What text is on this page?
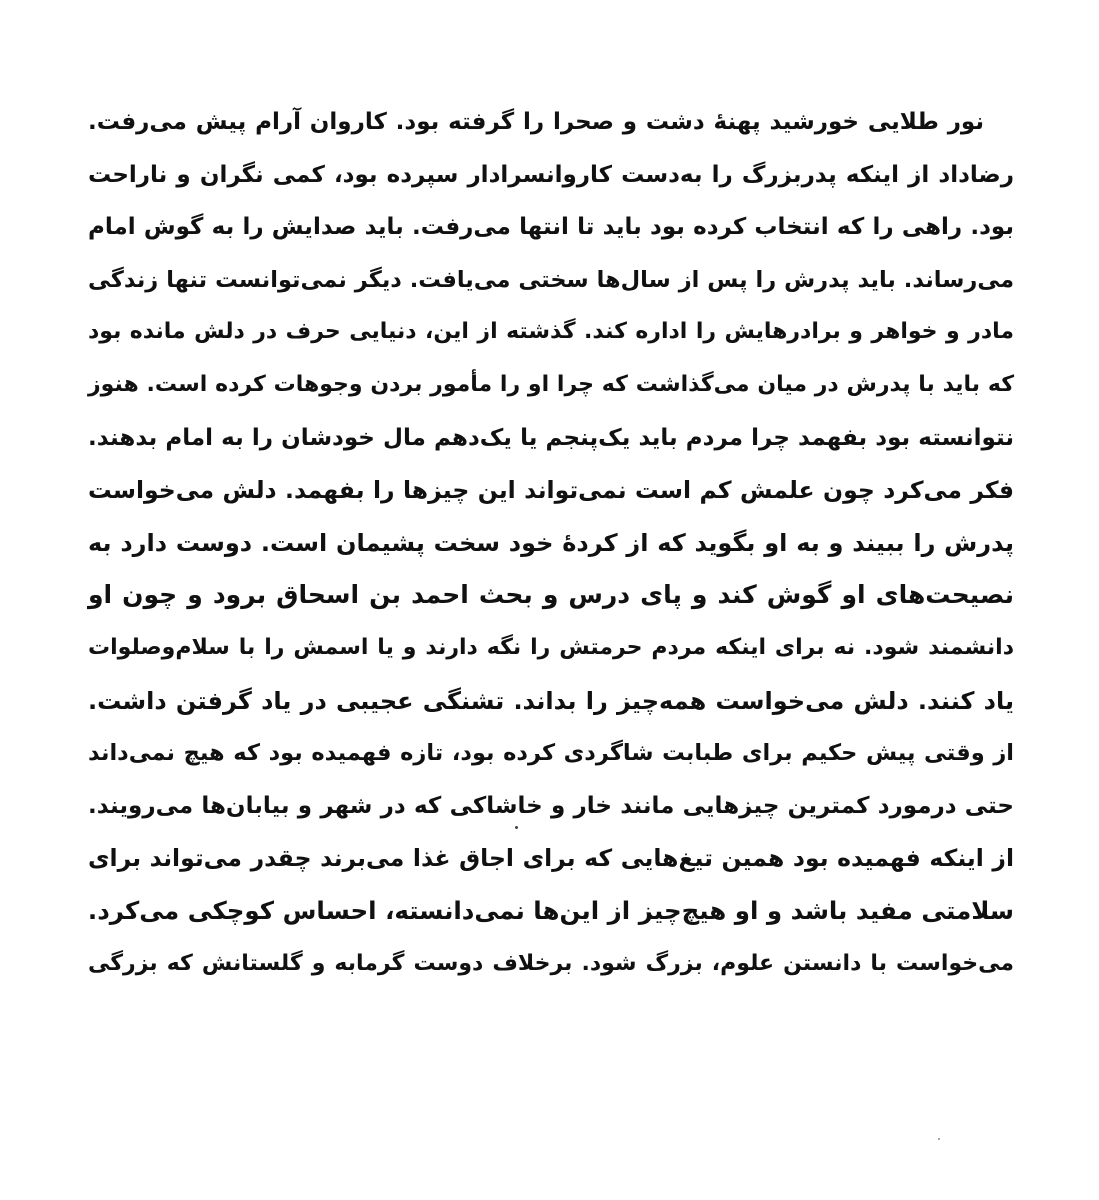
نور طلایی خورشید پهنهٔ دشت و صحرا را گرفته بود. کاروان آرام پیش می‌رفت.
رضاداد از اینکه پدربزرگ را به‌دست کاروانسرادار سپرده بود، کمی نگران و ناراحت
بود. راهی را که انتخاب کرده بود باید تا انتها می‌رفت. باید صدایش را به گوش امام
می‌رساند. باید پدرش را پس از سال‌ها سختی می‌یافت. دیگر نمی‌توانست تنها زندگی
مادر و خواهر و برادرهایش را اداره کند. گذشته از این، دنیایی حرف در دلش مانده بود
که باید با پدرش در میان می‌گذاشت که چرا او را مأمور بردن وجوهات کرده است. هنوز
نتوانسته بود بفهمد چرا مردم باید یک‌پنجم یا یک‌دهم مال خودشان را به امام بدهند.
فکر می‌کرد چون علمش کم است نمی‌تواند این چیزها را بفهمد. دلش می‌خواست
پدرش را ببیند و به او بگوید که از کردهٔ خود سخت پشیمان است. دوست دارد به
نصیحت‌های او گوش کند و پای درس و بحث احمد بن اسحاق برود و چون او
دانشمند شود. نه برای اینکه مردم حرمتش را نگه دارند و یا اسمش را با سلام‌وصلوات
یاد کنند. دلش می‌خواست همه‌چیز را بداند. تشنگی عجیبی در یاد گرفتن داشت.
از وقتی پیش حکیم برای طبابت شاگردی کرده بود، تازه فهمیده بود که هیچ نمی‌داند
حتی درمورد کمترین چیزهایی مانند خار و خاشاکی که در شهر و بیابان‌ها می‌رویند.
از اینکه فهمیده بود همین تیغ‌هایی که برای اجاق غذا می‌برند چقدر می‌تواند برای
سلامتی مفید باشد و او هیچ‌چیز از این‌ها نمی‌دانسته، احساس کوچکی می‌کرد.
می‌خواست با دانستن علوم، بزرگ شود. برخلاف دوست گرمابه و گلستانش که بزرگی
